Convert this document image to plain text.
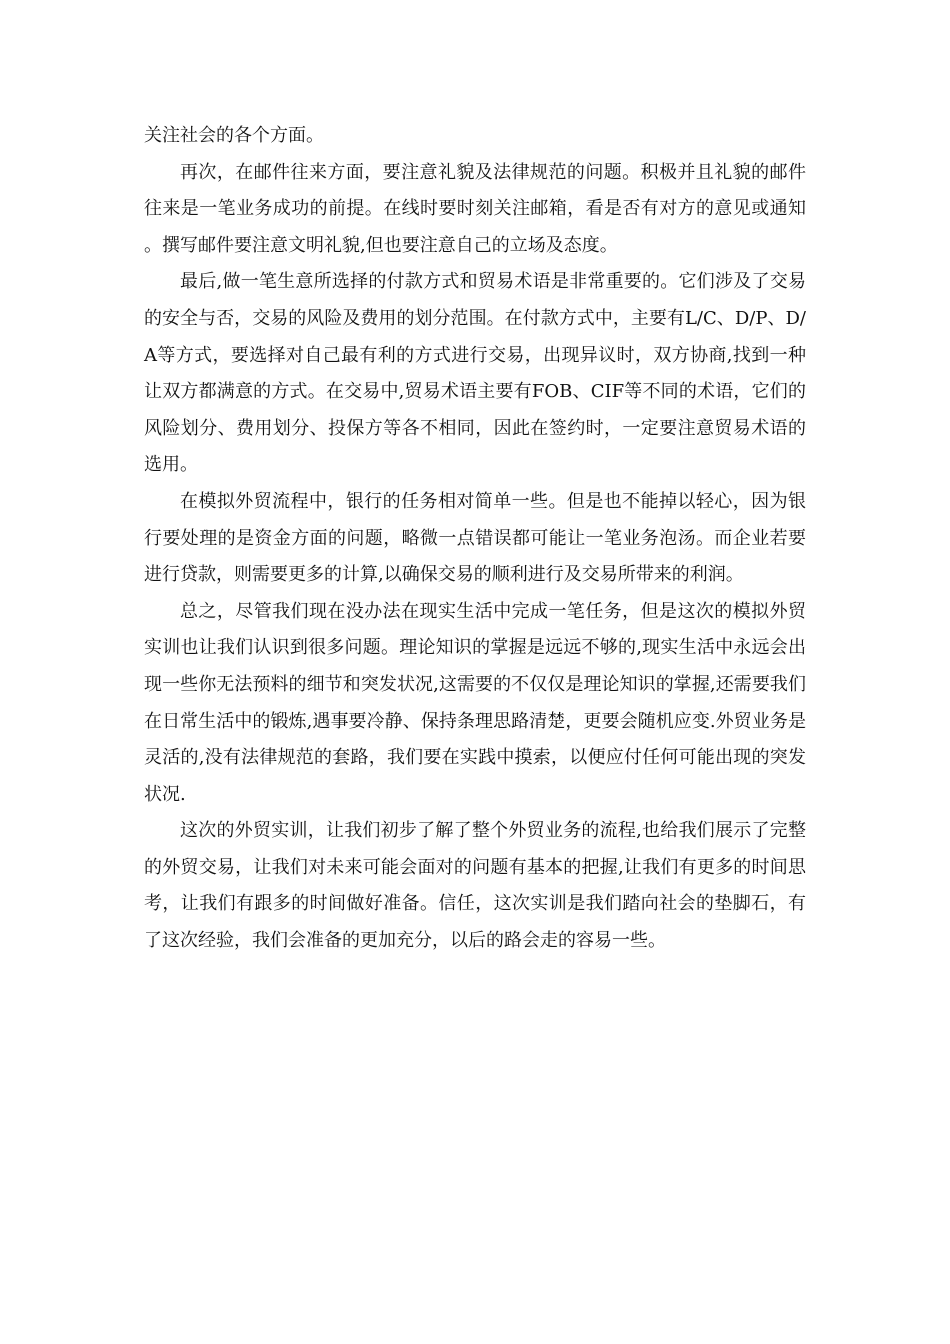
关注社会的各个方面。

再次，在邮件往来方面，要注意礼貌及法律规范的问题。积极并且礼貌的邮件往来是一笔业务成功的前提。在线时要时刻关注邮箱，看是否有对方的意见或通知。撰写邮件要注意文明礼貌,但也要注意自己的立场及态度。

最后,做一笔生意所选择的付款方式和贸易术语是非常重要的。它们涉及了交易的安全与否，交易的风险及费用的划分范围。在付款方式中，主要有L/C、D/P、D/A等方式，要选择对自己最有利的方式进行交易，出现异议时，双方协商,找到一种让双方都满意的方式。在交易中,贸易术语主要有FOB、CIF等不同的术语，它们的风险划分、费用划分、投保方等各不相同，因此在签约时，一定要注意贸易术语的选用。

在模拟外贸流程中，银行的任务相对简单一些。但是也不能掉以轻心，因为银行要处理的是资金方面的问题，略微一点错误都可能让一笔业务泡汤。而企业若要进行贷款，则需要更多的计算,以确保交易的顺利进行及交易所带来的利润。

总之，尽管我们现在没办法在现实生活中完成一笔任务，但是这次的模拟外贸实训也让我们认识到很多问题。理论知识的掌握是远远不够的,现实生活中永远会出现一些你无法预料的细节和突发状况,这需要的不仅仅是理论知识的掌握,还需要我们在日常生活中的锻炼,遇事要冷静、保持条理思路清楚，更要会随机应变.外贸业务是灵活的,没有法律规范的套路，我们要在实践中摸索，以便应付任何可能出现的突发状况.

这次的外贸实训，让我们初步了解了整个外贸业务的流程,也给我们展示了完整的外贸交易，让我们对未来可能会面对的问题有基本的把握,让我们有更多的时间思考，让我们有跟多的时间做好准备。信任，这次实训是我们踏向社会的垫脚石，有了这次经验，我们会准备的更加充分，以后的路会走的容易一些。
